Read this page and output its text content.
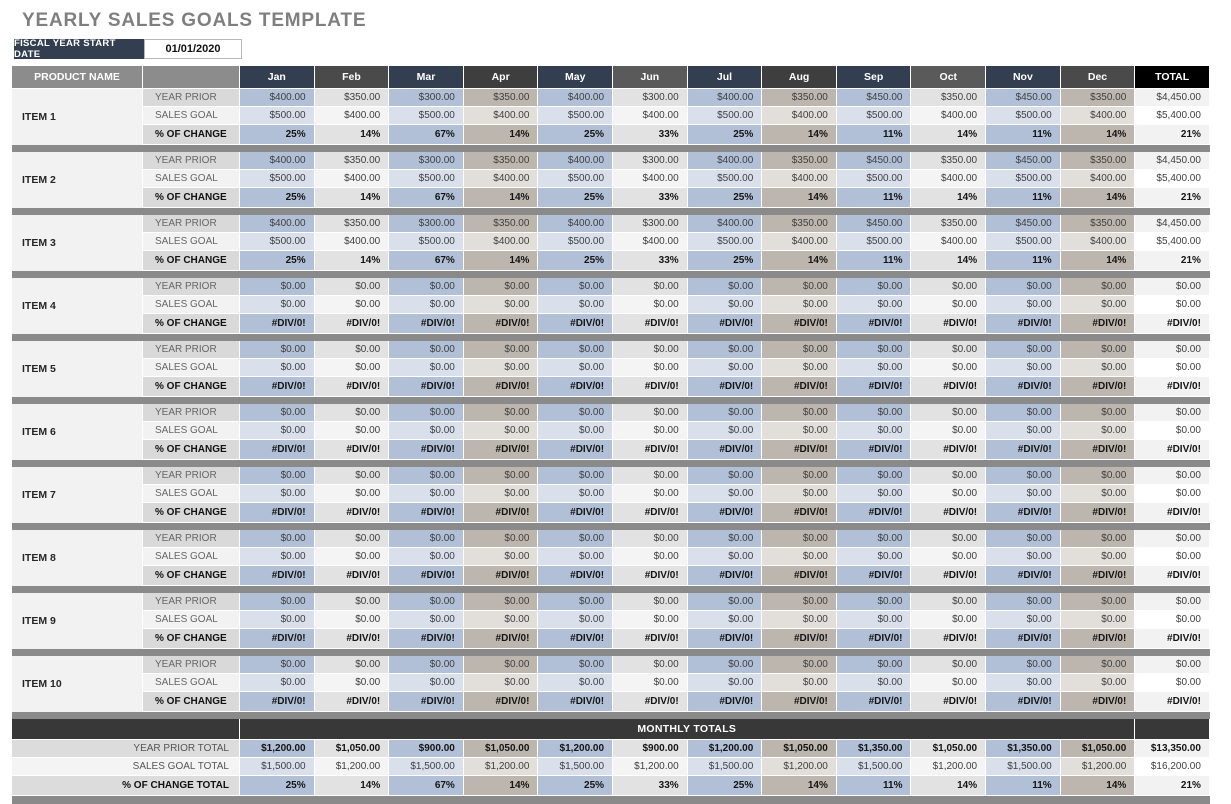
YEARLY SALES GOALS TEMPLATE
FISCAL YEAR START DATE	01/01/2020
PRODUCT NAME	Jan	Feb	Mar	Apr	May	Jun	Jul	Aug	Sep	Oct	Nov	Dec	TOTAL
ITEM 1
YEAR PRIOR	$400.00	$350.00	$300.00	$350.00	$400.00	$300.00	$400.00	$350.00	$450.00	$350.00	$450.00	$350.00	$4,450.00
SALES GOAL	$500.00	$400.00	$500.00	$400.00	$500.00	$400.00	$500.00	$400.00	$500.00	$400.00	$500.00	$400.00	$5,400.00
% OF CHANGE	25%	14%	67%	14%	25%	33%	25%	14%	11%	14%	11%	14%	21%
ITEM 2
YEAR PRIOR	$400.00	$350.00	$300.00	$350.00	$400.00	$300.00	$400.00	$350.00	$450.00	$350.00	$450.00	$350.00	$4,450.00
SALES GOAL	$500.00	$400.00	$500.00	$400.00	$500.00	$400.00	$500.00	$400.00	$500.00	$400.00	$500.00	$400.00	$5,400.00
% OF CHANGE	25%	14%	67%	14%	25%	33%	25%	14%	11%	14%	11%	14%	21%
ITEM 3
YEAR PRIOR	$400.00	$350.00	$300.00	$350.00	$400.00	$300.00	$400.00	$350.00	$450.00	$350.00	$450.00	$350.00	$4,450.00
SALES GOAL	$500.00	$400.00	$500.00	$400.00	$500.00	$400.00	$500.00	$400.00	$500.00	$400.00	$500.00	$400.00	$5,400.00
% OF CHANGE	25%	14%	67%	14%	25%	33%	25%	14%	11%	14%	11%	14%	21%
ITEM 4
YEAR PRIOR	$0.00	$0.00	$0.00	$0.00	$0.00	$0.00	$0.00	$0.00	$0.00	$0.00	$0.00	$0.00	$0.00
SALES GOAL	$0.00	$0.00	$0.00	$0.00	$0.00	$0.00	$0.00	$0.00	$0.00	$0.00	$0.00	$0.00	$0.00
% OF CHANGE	#DIV/0!	#DIV/0!	#DIV/0!	#DIV/0!	#DIV/0!	#DIV/0!	#DIV/0!	#DIV/0!	#DIV/0!	#DIV/0!	#DIV/0!	#DIV/0!	#DIV/0!
ITEM 5
YEAR PRIOR	$0.00	$0.00	$0.00	$0.00	$0.00	$0.00	$0.00	$0.00	$0.00	$0.00	$0.00	$0.00	$0.00
SALES GOAL	$0.00	$0.00	$0.00	$0.00	$0.00	$0.00	$0.00	$0.00	$0.00	$0.00	$0.00	$0.00	$0.00
% OF CHANGE	#DIV/0!	#DIV/0!	#DIV/0!	#DIV/0!	#DIV/0!	#DIV/0!	#DIV/0!	#DIV/0!	#DIV/0!	#DIV/0!	#DIV/0!	#DIV/0!	#DIV/0!
ITEM 6
YEAR PRIOR	$0.00	$0.00	$0.00	$0.00	$0.00	$0.00	$0.00	$0.00	$0.00	$0.00	$0.00	$0.00	$0.00
SALES GOAL	$0.00	$0.00	$0.00	$0.00	$0.00	$0.00	$0.00	$0.00	$0.00	$0.00	$0.00	$0.00	$0.00
% OF CHANGE	#DIV/0!	#DIV/0!	#DIV/0!	#DIV/0!	#DIV/0!	#DIV/0!	#DIV/0!	#DIV/0!	#DIV/0!	#DIV/0!	#DIV/0!	#DIV/0!	#DIV/0!
ITEM 7
YEAR PRIOR	$0.00	$0.00	$0.00	$0.00	$0.00	$0.00	$0.00	$0.00	$0.00	$0.00	$0.00	$0.00	$0.00
SALES GOAL	$0.00	$0.00	$0.00	$0.00	$0.00	$0.00	$0.00	$0.00	$0.00	$0.00	$0.00	$0.00	$0.00
% OF CHANGE	#DIV/0!	#DIV/0!	#DIV/0!	#DIV/0!	#DIV/0!	#DIV/0!	#DIV/0!	#DIV/0!	#DIV/0!	#DIV/0!	#DIV/0!	#DIV/0!	#DIV/0!
ITEM 8
YEAR PRIOR	$0.00	$0.00	$0.00	$0.00	$0.00	$0.00	$0.00	$0.00	$0.00	$0.00	$0.00	$0.00	$0.00
SALES GOAL	$0.00	$0.00	$0.00	$0.00	$0.00	$0.00	$0.00	$0.00	$0.00	$0.00	$0.00	$0.00	$0.00
% OF CHANGE	#DIV/0!	#DIV/0!	#DIV/0!	#DIV/0!	#DIV/0!	#DIV/0!	#DIV/0!	#DIV/0!	#DIV/0!	#DIV/0!	#DIV/0!	#DIV/0!	#DIV/0!
ITEM 9
YEAR PRIOR	$0.00	$0.00	$0.00	$0.00	$0.00	$0.00	$0.00	$0.00	$0.00	$0.00	$0.00	$0.00	$0.00
SALES GOAL	$0.00	$0.00	$0.00	$0.00	$0.00	$0.00	$0.00	$0.00	$0.00	$0.00	$0.00	$0.00	$0.00
% OF CHANGE	#DIV/0!	#DIV/0!	#DIV/0!	#DIV/0!	#DIV/0!	#DIV/0!	#DIV/0!	#DIV/0!	#DIV/0!	#DIV/0!	#DIV/0!	#DIV/0!	#DIV/0!
ITEM 10
YEAR PRIOR	$0.00	$0.00	$0.00	$0.00	$0.00	$0.00	$0.00	$0.00	$0.00	$0.00	$0.00	$0.00	$0.00
SALES GOAL	$0.00	$0.00	$0.00	$0.00	$0.00	$0.00	$0.00	$0.00	$0.00	$0.00	$0.00	$0.00	$0.00
% OF CHANGE	#DIV/0!	#DIV/0!	#DIV/0!	#DIV/0!	#DIV/0!	#DIV/0!	#DIV/0!	#DIV/0!	#DIV/0!	#DIV/0!	#DIV/0!	#DIV/0!	#DIV/0!
MONTHLY TOTALS
YEAR PRIOR TOTAL	$1,200.00	$1,050.00	$900.00	$1,050.00	$1,200.00	$900.00	$1,200.00	$1,050.00	$1,350.00	$1,050.00	$1,350.00	$1,050.00	$13,350.00
SALES GOAL TOTAL	$1,500.00	$1,200.00	$1,500.00	$1,200.00	$1,500.00	$1,200.00	$1,500.00	$1,200.00	$1,500.00	$1,200.00	$1,500.00	$1,200.00	$16,200.00
% OF CHANGE TOTAL	25%	14%	67%	14%	25%	33%	25%	14%	11%	14%	11%	14%	21%
